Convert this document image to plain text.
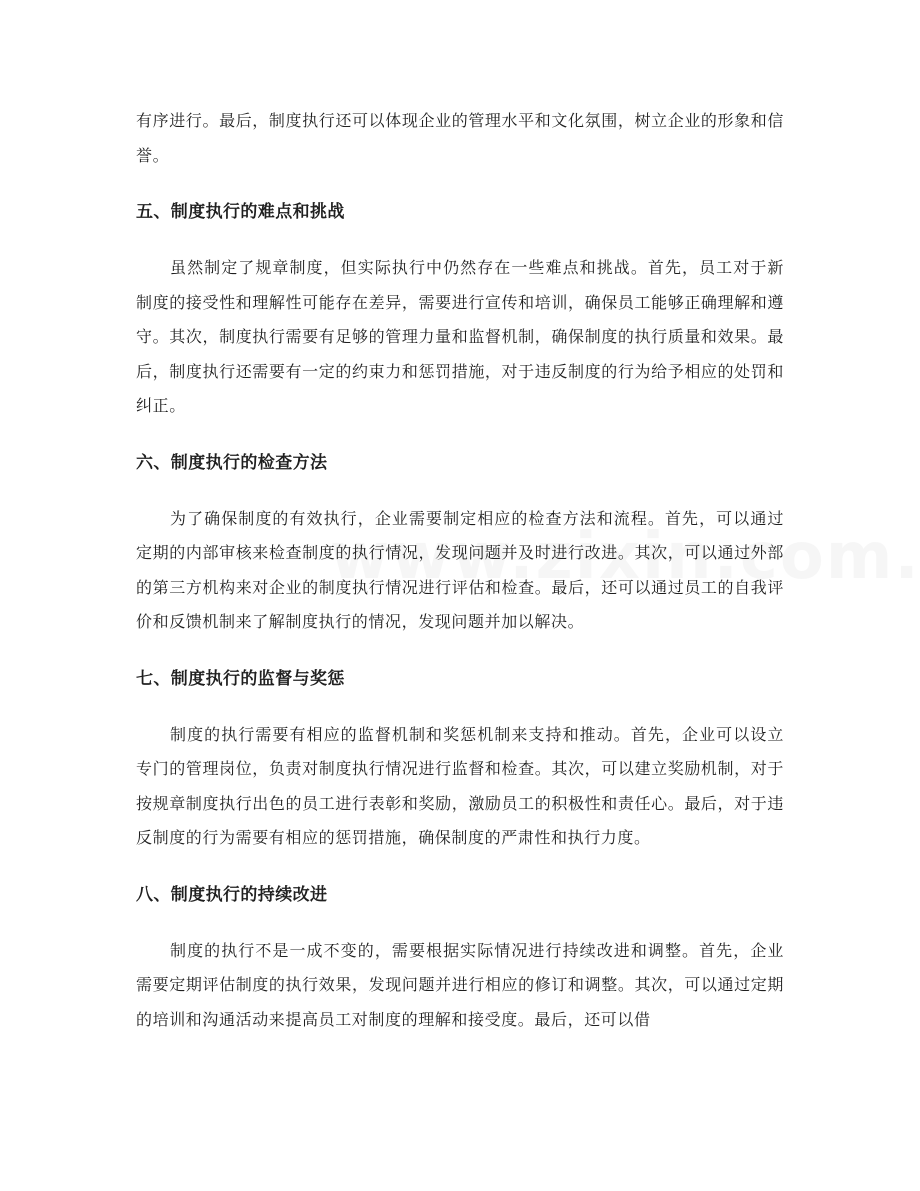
有序进行。最后，制度执行还可以体现企业的管理水平和文化氛围，树立企业的形象和信誉。

五、制度执行的难点和挑战

虽然制定了规章制度，但实际执行中仍然存在一些难点和挑战。首先，员工对于新制度的接受性和理解性可能存在差异，需要进行宣传和培训，确保员工能够正确理解和遵守。其次，制度执行需要有足够的管理力量和监督机制，确保制度的执行质量和效果。最后，制度执行还需要有一定的约束力和惩罚措施，对于违反制度的行为给予相应的处罚和纠正。

六、制度执行的检查方法

为了确保制度的有效执行，企业需要制定相应的检查方法和流程。首先，可以通过定期的内部审核来检查制度的执行情况，发现问题并及时进行改进。其次，可以通过外部的第三方机构来对企业的制度执行情况进行评估和检查。最后，还可以通过员工的自我评价和反馈机制来了解制度执行的情况，发现问题并加以解决。

七、制度执行的监督与奖惩

制度的执行需要有相应的监督机制和奖惩机制来支持和推动。首先，企业可以设立专门的管理岗位，负责对制度执行情况进行监督和检查。其次，可以建立奖励机制，对于按规章制度执行出色的员工进行表彰和奖励，激励员工的积极性和责任心。最后，对于违反制度的行为需要有相应的惩罚措施，确保制度的严肃性和执行力度。

八、制度执行的持续改进

制度的执行不是一成不变的，需要根据实际情况进行持续改进和调整。首先，企业需要定期评估制度的执行效果，发现问题并进行相应的修订和调整。其次，可以通过定期的培训和沟通活动来提高员工对制度的理解和接受度。最后，还可以借
